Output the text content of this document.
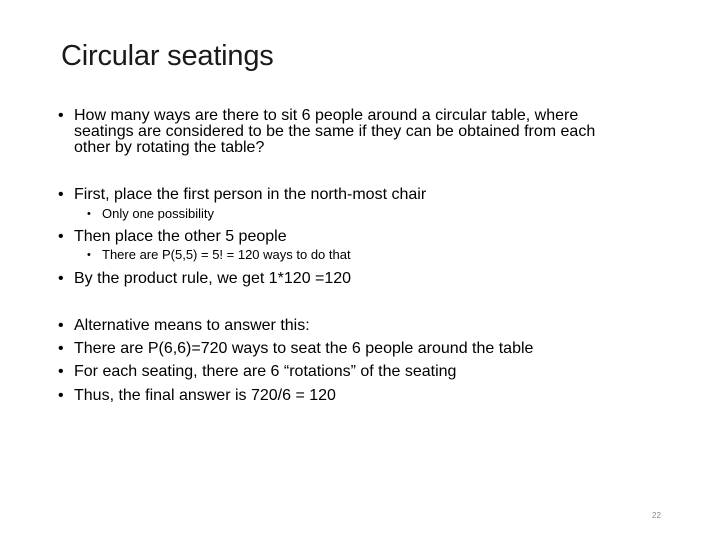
Circular seatings
• How many ways are there to sit 6 people around a circular table, where
seatings are considered to be the same if they can be obtained from each
other by rotating the table?
• First, place the first person in the north-most chair
• Only one possibility
• Then place the other 5 people
• There are P(5,5) = 5! = 120 ways to do that
• By the product rule, we get 1*120 =120
• Alternative means to answer this:
• There are P(6,6)=720 ways to seat the 6 people around the table
• For each seating, there are 6 “rotations” of the seating
• Thus, the final answer is 720/6 = 120
22
